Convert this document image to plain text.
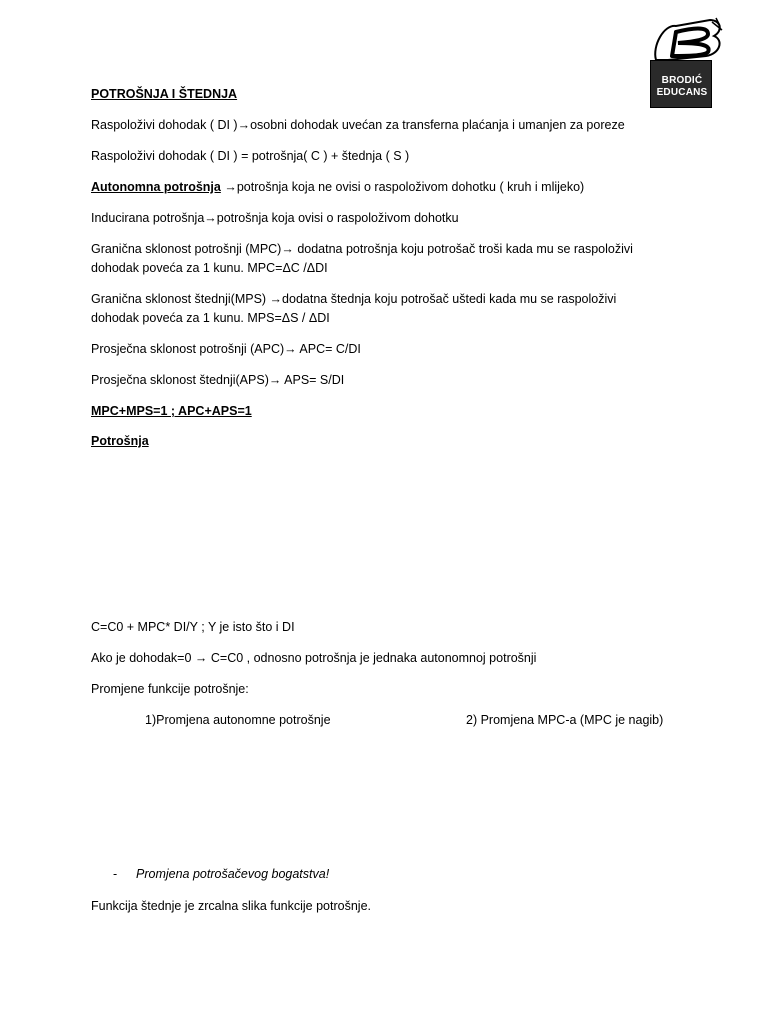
BRODIĆ
EDUCANS
POTROŠNJA I ŠTEDNJA
Raspoloživi dohodak ( DI )→osobni dohodak uvećan za transferna plaćanja i umanjen za poreze
Raspoloživi dohodak ( DI ) = potrošnja( C ) + štednja ( S )
Autonomna potrošnja →potrošnja koja ne ovisi o raspoloživom dohotku ( kruh i mlijeko)
Inducirana potrošnja→potrošnja koja ovisi o raspoloživom dohotku
Granična sklonost potrošnji (MPC)→ dodatna potrošnja koju potrošač troši kada mu se raspoloživi
dohodak poveća za 1 kunu. MPC=ΔC /ΔDI
Granična sklonost štednji(MPS) →dodatna štednja koju potrošač uštedi kada mu se raspoloživi
dohodak poveća za 1 kunu. MPS=ΔS / ΔDI
Prosječna sklonost potrošnji (APC)→ APC= C/DI
Prosječna sklonost štednji(APS)→ APS= S/DI
MPC+MPS=1 ; APC+APS=1
Potrošnja
C=C0 + MPC* DI/Y ; Y je isto što i DI
Ako je dohodak=0 → C=C0 , odnosno potrošnja je jednaka autonomnoj potrošnji
Promjene funkcije potrošnje:
1)Promjena autonomne potrošnje	2) Promjena MPC-a (MPC je nagib)
- Promjena potrošačevog bogatstva!
Funkcija štednje je zrcalna slika funkcije potrošnje.
